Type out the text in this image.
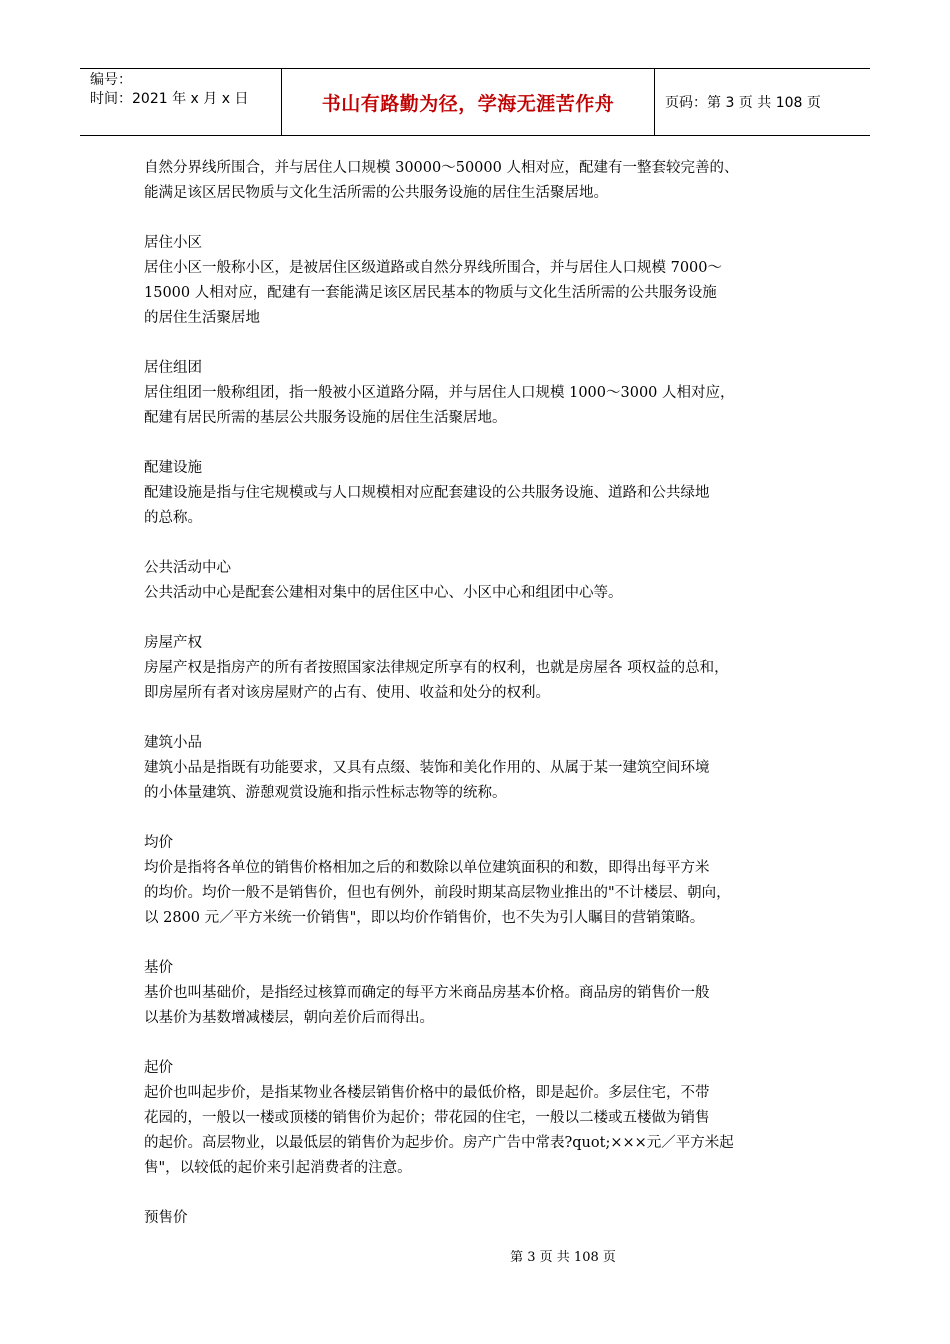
编号：
时间：2021 年 x 月 x 日	书山有路勤为径，学海无涯苦作舟	页码：第 3 页 共 108 页
自然分界线所围合，并与居住人口规模 30000～50000 人相对应，配建有一整套较完善的、
能满足该区居民物质与文化生活所需的公共服务设施的居住生活聚居地。
居住小区
居住小区一般称小区，是被居住区级道路或自然分界线所围合，并与居住人口规模 7000～
15000 人相对应，配建有一套能满足该区居民基本的物质与文化生活所需的公共服务设施
的居住生活聚居地
居住组团
居住组团一般称组团，指一般被小区道路分隔，并与居住人口规模 1000～3000 人相对应，
配建有居民所需的基层公共服务设施的居住生活聚居地。
配建设施
配建设施是指与住宅规模或与人口规模相对应配套建设的公共服务设施、道路和公共绿地
的总称。
公共活动中心
公共活动中心是配套公建相对集中的居住区中心、小区中心和组团中心等。
房屋产权
房屋产权是指房产的所有者按照国家法律规定所享有的权利，也就是房屋各 项权益的总和，
即房屋所有者对该房屋财产的占有、使用、收益和处分的权利。
建筑小品
建筑小品是指既有功能要求，又具有点缀、装饰和美化作用的、从属于某一建筑空间环境
的小体量建筑、游憩观赏设施和指示性标志物等的统称。
均价
均价是指将各单位的销售价格相加之后的和数除以单位建筑面积的和数，即得出每平方米
的均价。均价一般不是销售价，但也有例外，前段时期某高层物业推出的"不计楼层、朝向，
以 2800 元／平方米统一价销售"，即以均价作销售价，也不失为引人瞩目的营销策略。
基价
基价也叫基础价，是指经过核算而确定的每平方米商品房基本价格。商品房的销售价一般
以基价为基数增减楼层，朝向差价后而得出。
起价
起价也叫起步价，是指某物业各楼层销售价格中的最低价格，即是起价。多层住宅，不带
花园的，一般以一楼或顶楼的销售价为起价；带花园的住宅，一般以二楼或五楼做为销售
的起价。高层物业，以最低层的销售价为起步价。房产广告中常表?quot;×××元／平方米起
售"，以较低的起价来引起消费者的注意。
预售价
第 3 页 共 108 页
